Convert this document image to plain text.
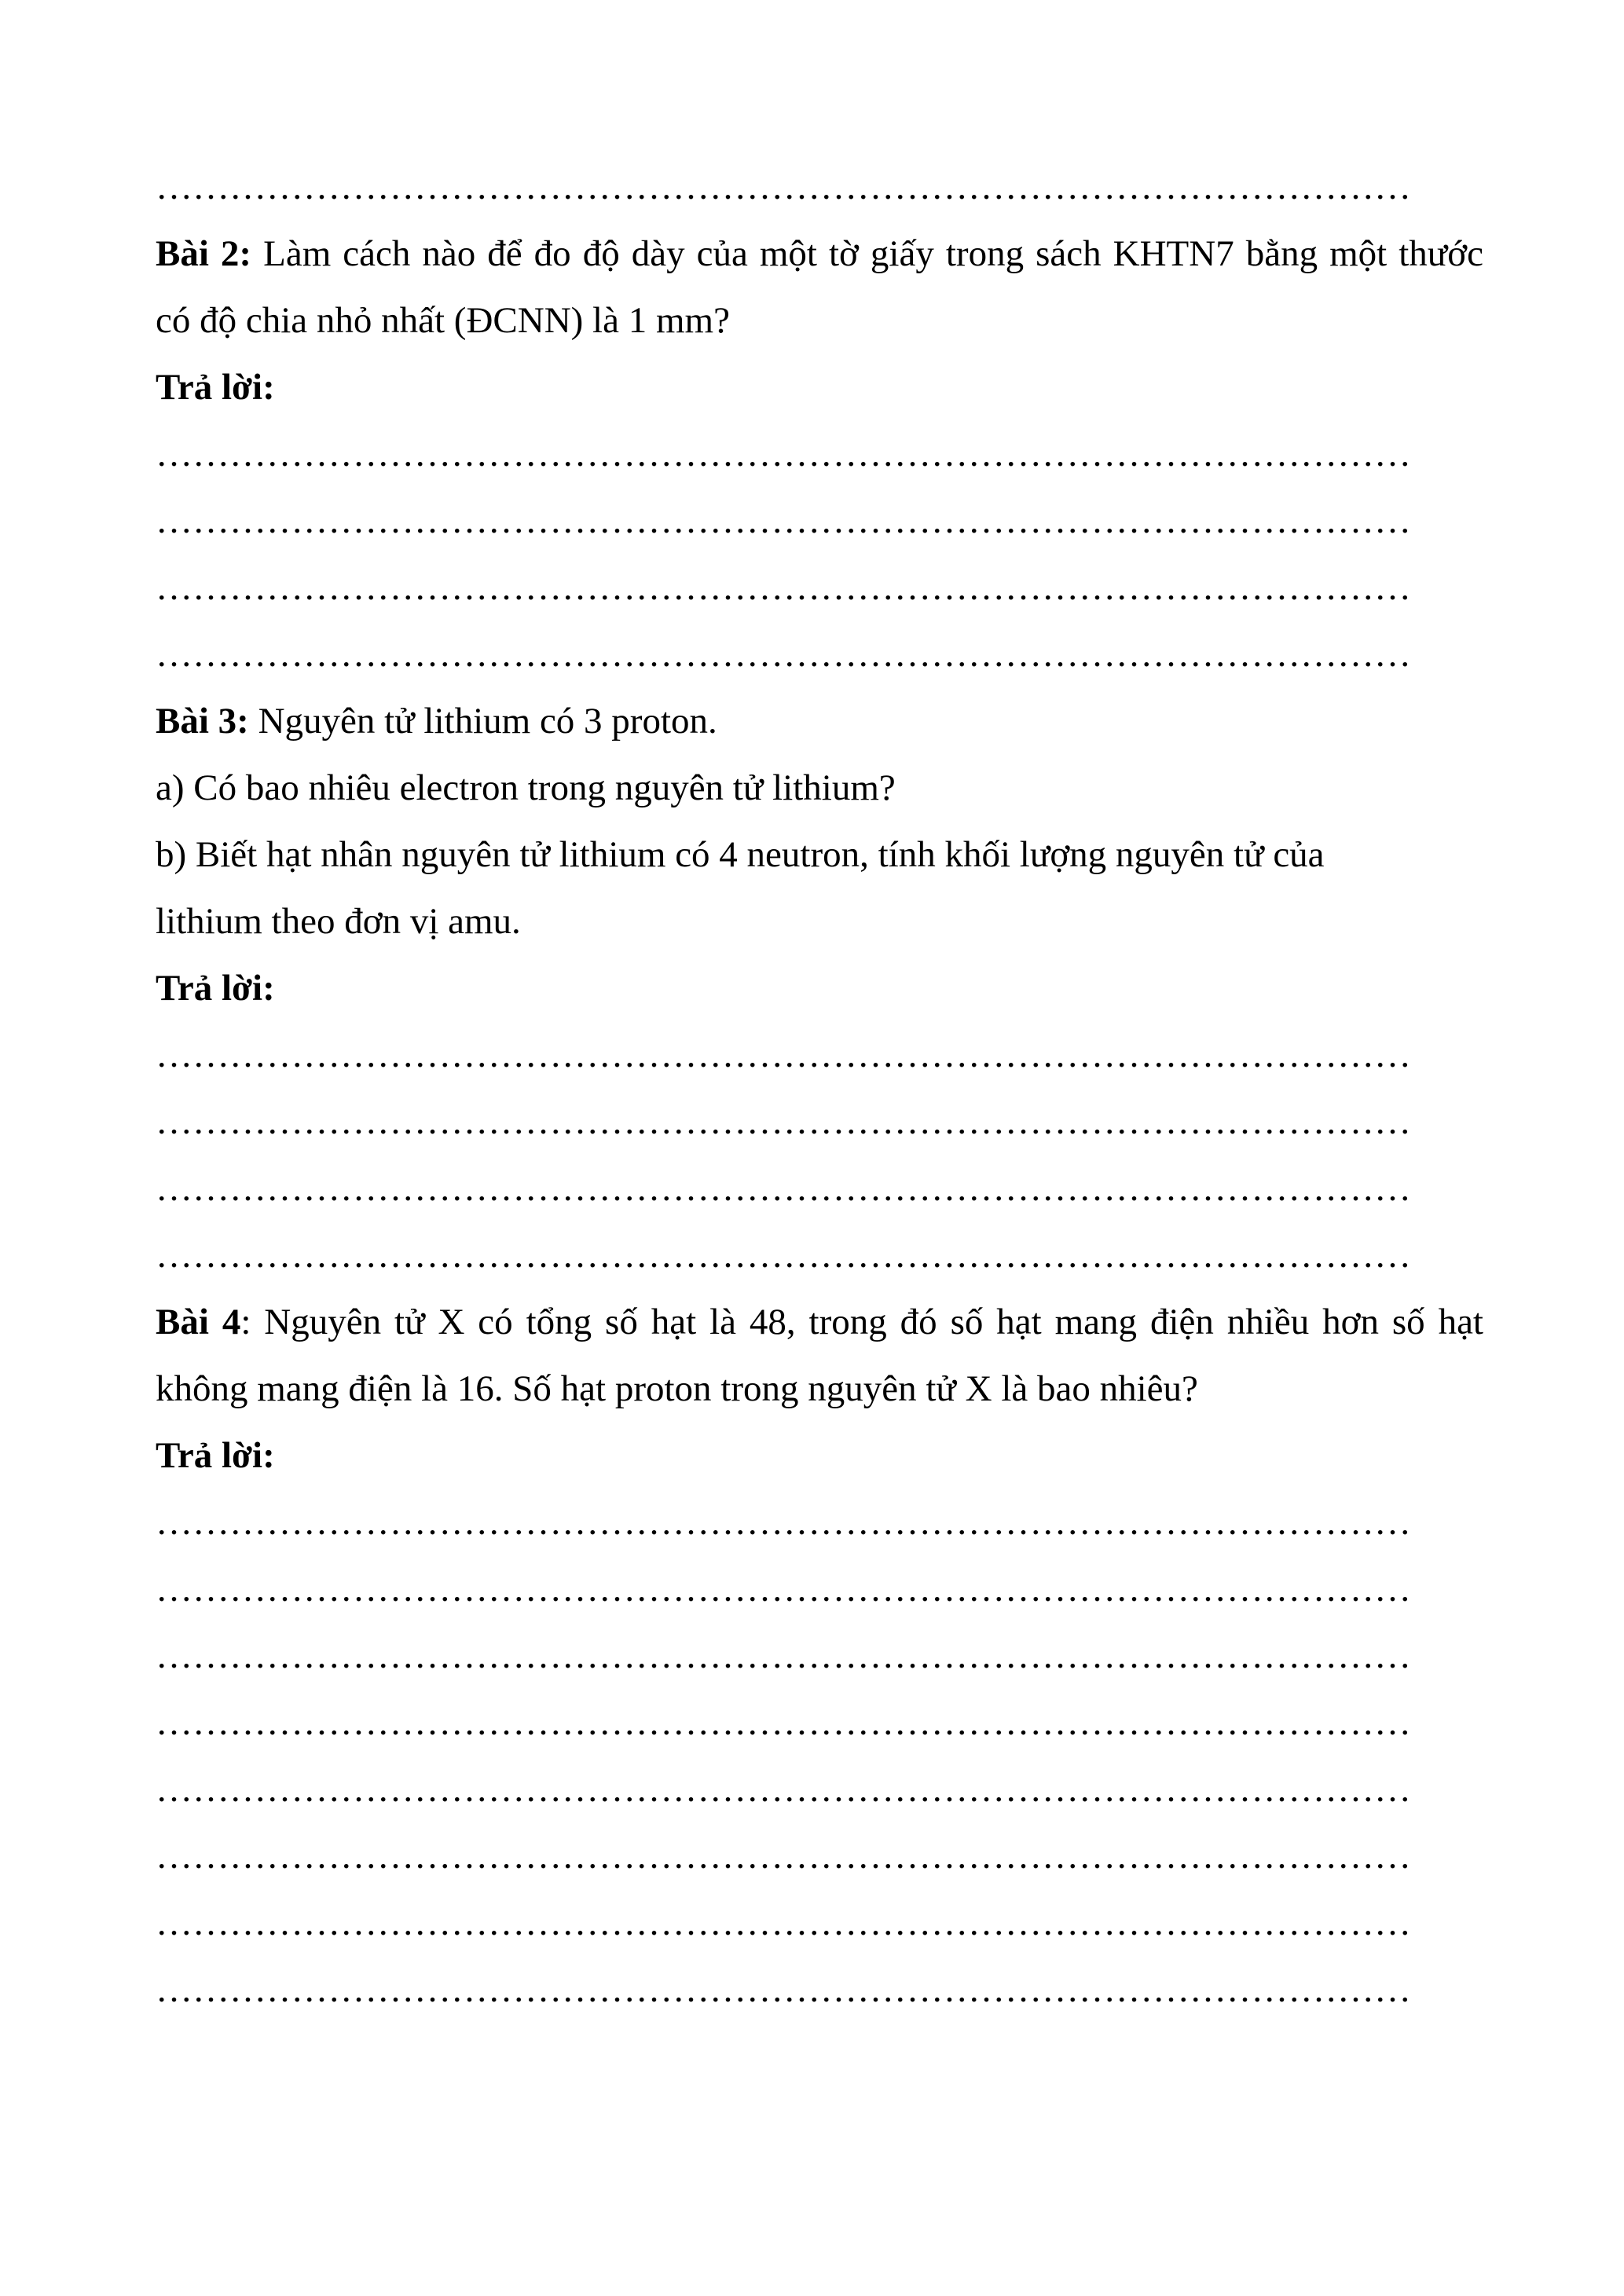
…………………………………………………………………………………………
Bài 2: Làm cách nào để đo độ dày của một tờ giấy trong sách KHTN7 bằng một thước
có độ chia nhỏ nhất (ĐCNN) là 1 mm?
Trả lời:
…………………………………………………………………………………………
…………………………………………………………………………………………
…………………………………………………………………………………………
…………………………………………………………………………………………
Bài 3: Nguyên tử lithium có 3 proton.
a) Có bao nhiêu electron trong nguyên tử lithium?
b) Biết hạt nhân nguyên tử lithium có 4 neutron, tính khối lượng nguyên tử của
lithium theo đơn vị amu.
Trả lời:
…………………………………………………………………………………………
…………………………………………………………………………………………
…………………………………………………………………………………………
…………………………………………………………………………………………
Bài 4: Nguyên tử X có tổng số hạt là 48, trong đó số hạt mang điện nhiều hơn số hạt
không mang điện là 16. Số hạt proton trong nguyên tử X là bao nhiêu?
Trả lời:
…………………………………………………………………………………………
…………………………………………………………………………………………
…………………………………………………………………………………………
…………………………………………………………………………………………
…………………………………………………………………………………………
…………………………………………………………………………………………
…………………………………………………………………………………………
…………………………………………………………………………………………
